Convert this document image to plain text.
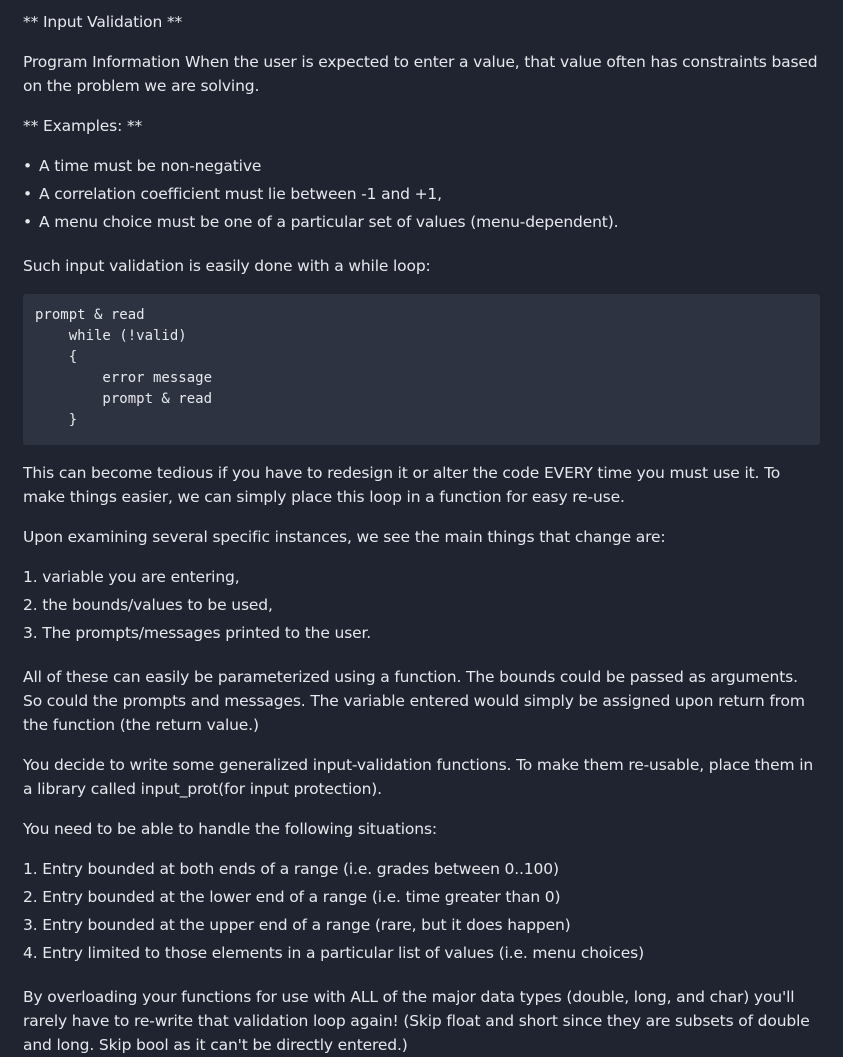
** Input Validation **

Program Information When the user is expected to enter a value, that value often has constraints based on the problem we are solving.

** Examples: **

• A time must be non-negative
• A correlation coefficient must lie between -1 and +1,
• A menu choice must be one of a particular set of values (menu-dependent).

Such input validation is easily done with a while loop:

prompt & read
while (!valid)
{
error message
prompt & read
}

This can become tedious if you have to redesign it or alter the code EVERY time you must use it. To make things easier, we can simply place this loop in a function for easy re-use.

Upon examining several specific instances, we see the main things that change are:

1. variable you are entering,
2. the bounds/values to be used,
3. The prompts/messages printed to the user.

All of these can easily be parameterized using a function. The bounds could be passed as arguments. So could the prompts and messages. The variable entered would simply be assigned upon return from the function (the return value.)

You decide to write some generalized input-validation functions. To make them re-usable, place them in a library called input_prot(for input protection).

You need to be able to handle the following situations:

1. Entry bounded at both ends of a range (i.e. grades between 0..100)
2. Entry bounded at the lower end of a range (i.e. time greater than 0)
3. Entry bounded at the upper end of a range (rare, but it does happen)
4. Entry limited to those elements in a particular list of values (i.e. menu choices)

By overloading your functions for use with ALL of the major data types (double, long, and char) you'll rarely have to re-write that validation loop again! (Skip float and short since they are subsets of double and long. Skip bool as it can't be directly entered.)
